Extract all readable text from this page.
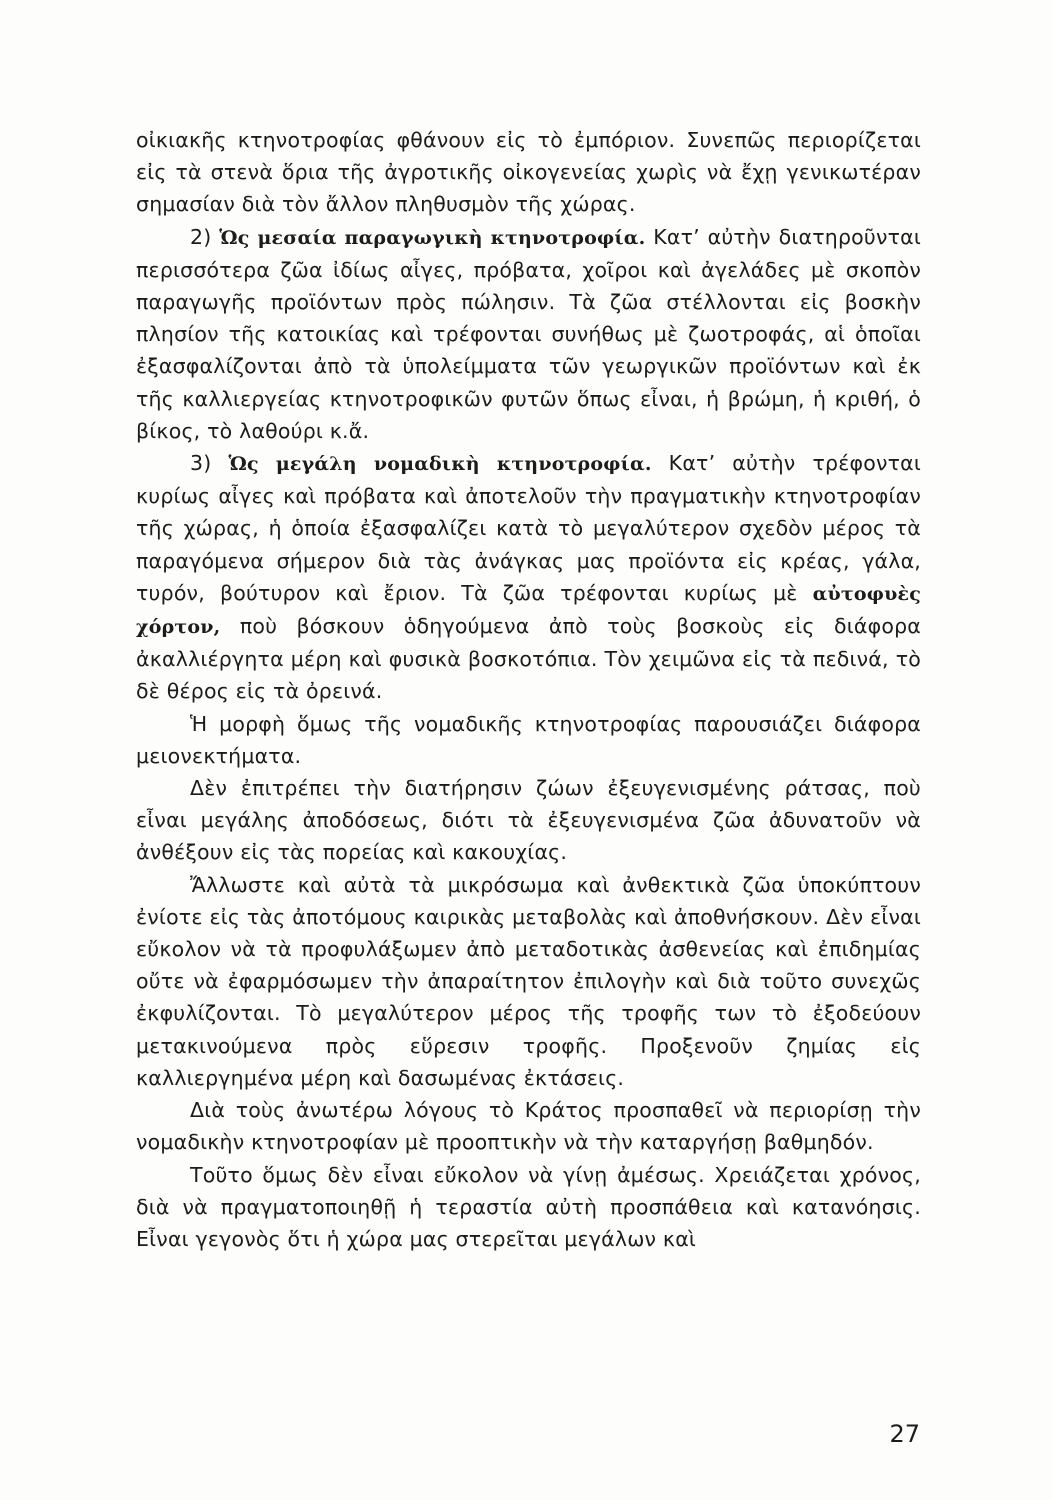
οἰκιακῆς κτηνοτροφίας φθάνουν εἰς τὸ ἐμπόριον. Συνεπῶς περιορίζεται εἰς τὰ στενὰ ὅρια τῆς ἀγροτικῆς οἰκογενείας χωρὶς νὰ ἔχῃ γενικωτέραν σημασίαν διὰ τὸν ἄλλον πληθυσμὸν τῆς χώρας.

2) Ὡς μεσαία παραγωγικὴ κτηνοτροφία. Κατ’ αὐτὴν διατηροῦνται περισσότερα ζῶα ἰδίως αἶγες, πρόβατα, χοῖροι καὶ ἀγελάδες μὲ σκοπὸν παραγωγῆς προϊόντων πρὸς πώλησιν. Τὰ ζῶα στέλλονται εἰς βοσκὴν πλησίον τῆς κατοικίας καὶ τρέφονται συνήθως μὲ ζωοτροφάς, αἱ ὁποῖαι ἐξασφαλίζονται ἀπὸ τὰ ὑπολείμματα τῶν γεωργικῶν προϊόντων καὶ ἐκ τῆς καλλιεργείας κτηνοτροφικῶν φυτῶν ὅπως εἶναι, ἡ βρώμη, ἡ κριθή, ὁ βίκος, τὸ λαθούρι κ.ἄ.

3) Ὡς μεγάλη νομαδικὴ κτηνοτροφία. Κατ’ αὐτὴν τρέφονται κυρίως αἶγες καὶ πρόβατα καὶ ἀποτελοῦν τὴν πραγματικὴν κτηνοτροφίαν τῆς χώρας, ἡ ὁποία ἐξασφαλίζει κατὰ τὸ μεγαλύτερον σχεδὸν μέρος τὰ παραγόμενα σήμερον διὰ τὰς ἀνάγκας μας προϊόντα εἰς κρέας, γάλα, τυρόν, βούτυρον καὶ ἔριον. Τὰ ζῶα τρέφονται κυρίως μὲ αὐτοφυὲς χόρτον, ποὺ βόσκουν ὁδηγούμενα ἀπὸ τοὺς βοσκοὺς εἰς διάφορα ἀκαλλιέργητα μέρη καὶ φυσικὰ βοσκοτόπια. Τὸν χειμῶνα εἰς τὰ πεδινά, τὸ δὲ θέρος εἰς τὰ ὀρεινά.

Ἡ μορφὴ ὅμως τῆς νομαδικῆς κτηνοτροφίας παρουσιάζει διάφορα μειονεκτήματα.

Δὲν ἐπιτρέπει τὴν διατήρησιν ζώων ἐξευγενισμένης ράτσας, ποὺ εἶναι μεγάλης ἀποδόσεως, διότι τὰ ἐξευγενισμένα ζῶα ἀδυνατοῦν νὰ ἀνθέξουν εἰς τὰς πορείας καὶ κακουχίας.

Ἄλλωστε καὶ αὐτὰ τὰ μικρόσωμα καὶ ἀνθεκτικὰ ζῶα ὑποκύπτουν ἐνίοτε εἰς τὰς ἀποτόμους καιρικὰς μεταβολὰς καὶ ἀποθνήσκουν. Δὲν εἶναι εὔκολον νὰ τὰ προφυλάξωμεν ἀπὸ μεταδοτικὰς ἀσθενείας καὶ ἐπιδημίας οὔτε νὰ ἐφαρμόσωμεν τὴν ἀπαραίτητον ἐπιλογὴν καὶ διὰ τοῦτο συνεχῶς ἐκφυλίζονται. Τὸ μεγαλύτερον μέρος τῆς τροφῆς των τὸ ἐξοδεύουν μετακινούμενα πρὸς εὕρεσιν τροφῆς. Προξενοῦν ζημίας εἰς καλλιεργημένα μέρη καὶ δασωμένας ἐκτάσεις.

Διὰ τοὺς ἀνωτέρω λόγους τὸ Κράτος προσπαθεῖ νὰ περιορίσῃ τὴν νομαδικὴν κτηνοτροφίαν μὲ προοπτικὴν νὰ τὴν καταργήσῃ βαθμηδόν.

Τοῦτο ὅμως δὲν εἶναι εὔκολον νὰ γίνῃ ἀμέσως. Χρειάζεται χρόνος, διὰ νὰ πραγματοποιηθῇ ἡ τεραστία αὐτὴ προσπάθεια καὶ κατανόησις. Εἶναι γεγονὸς ὅτι ἡ χώρα μας στερεῖται μεγάλων καὶ

27
